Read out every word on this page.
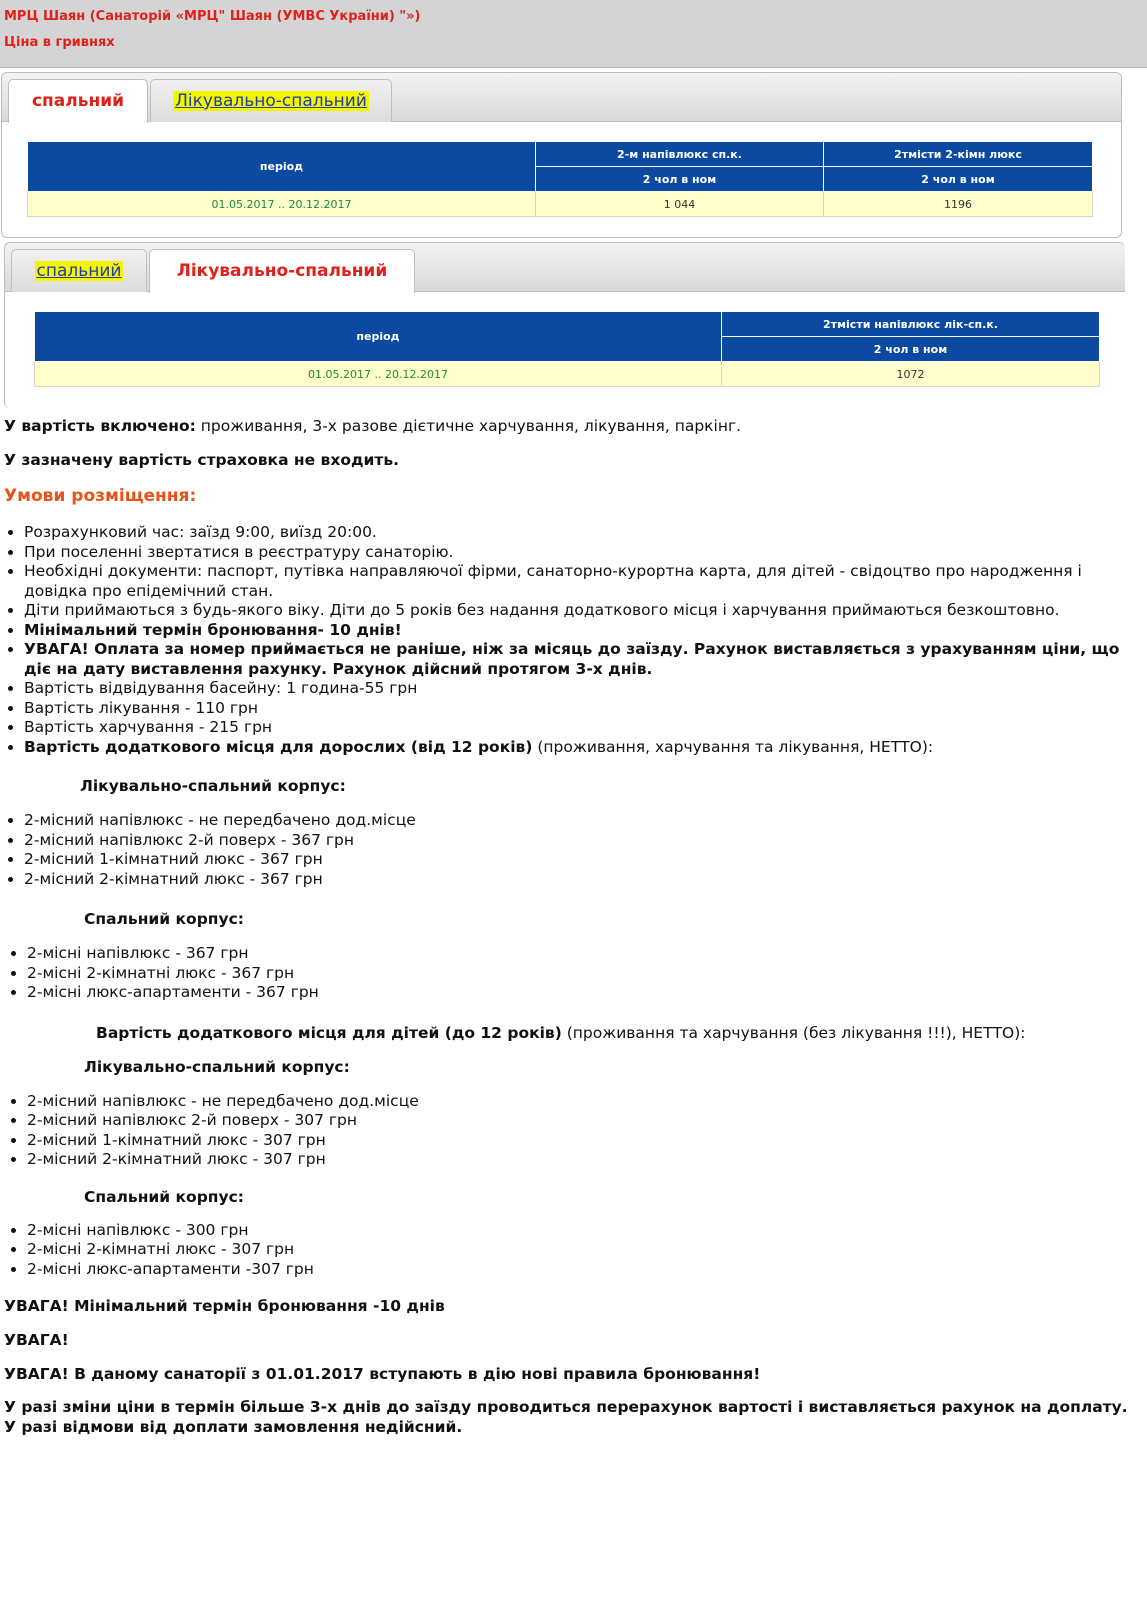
МРЦ Шаян (Санаторій «МРЦ" Шаян (УМВС України) "»)
Ціна в гривнях
спальний	Лікувально-спальний
період	2-м напівлюкс сп.к.	2тмісти 2-кімн люкс
	2 чол в ном	2 чол в ном
01.05.2017 .. 20.12.2017	1 044	1196
спальний	Лікувально-спальний
період	2тмісти напівлюкс лік-сп.к.
	2 чол в ном
01.05.2017 .. 20.12.2017	1072

У вартість включено: проживання, 3-х разове дієтичне харчування, лікування, паркінг.

У зазначену вартість страховка не входить.

Умови розміщення:

• Розрахунковий час: заїзд 9:00, виїзд 20:00.
• При поселенні звертатися в реєстратуру санаторію.
• Необхідні документи: паспорт, путівка направляючої фірми, санаторно-курортна карта, для дітей - свідоцтво про народження і довідка про епідемічний стан.
• Діти приймаються з будь-якого віку. Діти до 5 років без надання додаткового місця і харчування приймаються безкоштовно.
• Мінімальний термін бронювання- 10 днів!
• УВАГА! Оплата за номер приймається не раніше, ніж за місяць до заїзду. Рахунок виставляється з урахуванням ціни, що діє на дату виставлення рахунку. Рахунок дійсний протягом 3-х днів.
• Вартість відвідування басейну: 1 година-55 грн
• Вартість лікування - 110 грн
• Вартість харчування - 215 грн
• Вартість додаткового місця для дорослих (від 12 років) (проживання, харчування та лікування, НЕТТО):

Лікувально-спальний корпус:

• 2-місний напівлюкс - не передбачено дод.місце
• 2-місний напівлюкс 2-й поверх - 367 грн
• 2-місний 1-кімнатний люкс - 367 грн
• 2-місний 2-кімнатний люкс - 367 грн

Спальний корпус:

• 2-місні напівлюкс - 367 грн
• 2-місні 2-кімнатні люкс - 367 грн
• 2-місні люкс-апартаменти - 367 грн

Вартість додаткового місця для дітей (до 12 років) (проживання та харчування (без лікування !!!), НЕТТО):

Лікувально-спальний корпус:

• 2-місний напівлюкс - не передбачено дод.місце
• 2-місний напівлюкс 2-й поверх - 307 грн
• 2-місний 1-кімнатний люкс - 307 грн
• 2-місний 2-кімнатний люкс - 307 грн

Спальний корпус:

• 2-місні напівлюкс - 300 грн
• 2-місні 2-кімнатні люкс - 307 грн
• 2-місні люкс-апартаменти -307 грн

УВАГА! Мінімальний термін бронювання -10 днів

УВАГА!

УВАГА! В даному санаторії з 01.01.2017 вступають в дію нові правила бронювання!

У разі зміни ціни в термін більше 3-х днів до заїзду проводиться перерахунок вартості і виставляється рахунок на доплату. У разі відмови від доплати замовлення недійсний.
